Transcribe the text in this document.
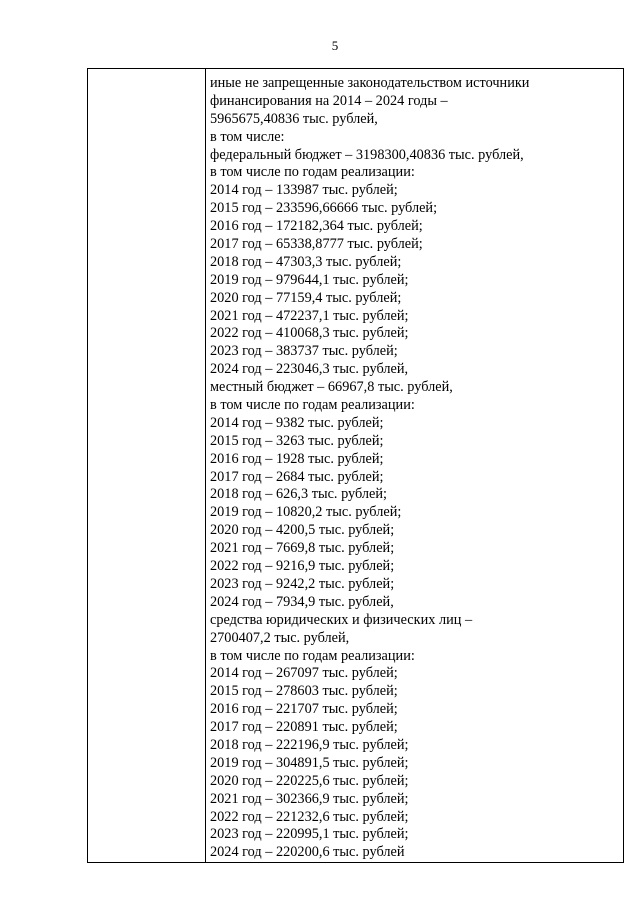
5

иные не запрещенные законодательством источники
финансирования на 2014 – 2024 годы –
5965675,40836 тыс. рублей,
в том числе:
федеральный бюджет – 3198300,40836 тыс. рублей,
в том числе по годам реализации:
2014 год – 133987 тыс. рублей;
2015 год – 233596,66666 тыс. рублей;
2016 год – 172182,364 тыс. рублей;
2017 год – 65338,8777 тыс. рублей;
2018 год – 47303,3 тыс. рублей;
2019 год – 979644,1 тыс. рублей;
2020 год – 77159,4 тыс. рублей;
2021 год – 472237,1 тыс. рублей;
2022 год – 410068,3 тыс. рублей;
2023 год – 383737 тыс. рублей;
2024 год – 223046,3 тыс. рублей,
местный бюджет – 66967,8 тыс. рублей,
в том числе по годам реализации:
2014 год – 9382 тыс. рублей;
2015 год – 3263 тыс. рублей;
2016 год – 1928 тыс. рублей;
2017 год – 2684 тыс. рублей;
2018 год – 626,3 тыс. рублей;
2019 год – 10820,2 тыс. рублей;
2020 год – 4200,5 тыс. рублей;
2021 год – 7669,8 тыс. рублей;
2022 год – 9216,9 тыс. рублей;
2023 год – 9242,2 тыс. рублей;
2024 год – 7934,9 тыс. рублей,
средства юридических и физических лиц –
2700407,2 тыс. рублей,
в том числе по годам реализации:
2014 год – 267097 тыс. рублей;
2015 год – 278603 тыс. рублей;
2016 год – 221707 тыс. рублей;
2017 год – 220891 тыс. рублей;
2018 год – 222196,9 тыс. рублей;
2019 год – 304891,5 тыс. рублей;
2020 год – 220225,6 тыс. рублей;
2021 год – 302366,9 тыс. рублей;
2022 год – 221232,6 тыс. рублей;
2023 год – 220995,1 тыс. рублей;
2024 год – 220200,6 тыс. рублей
